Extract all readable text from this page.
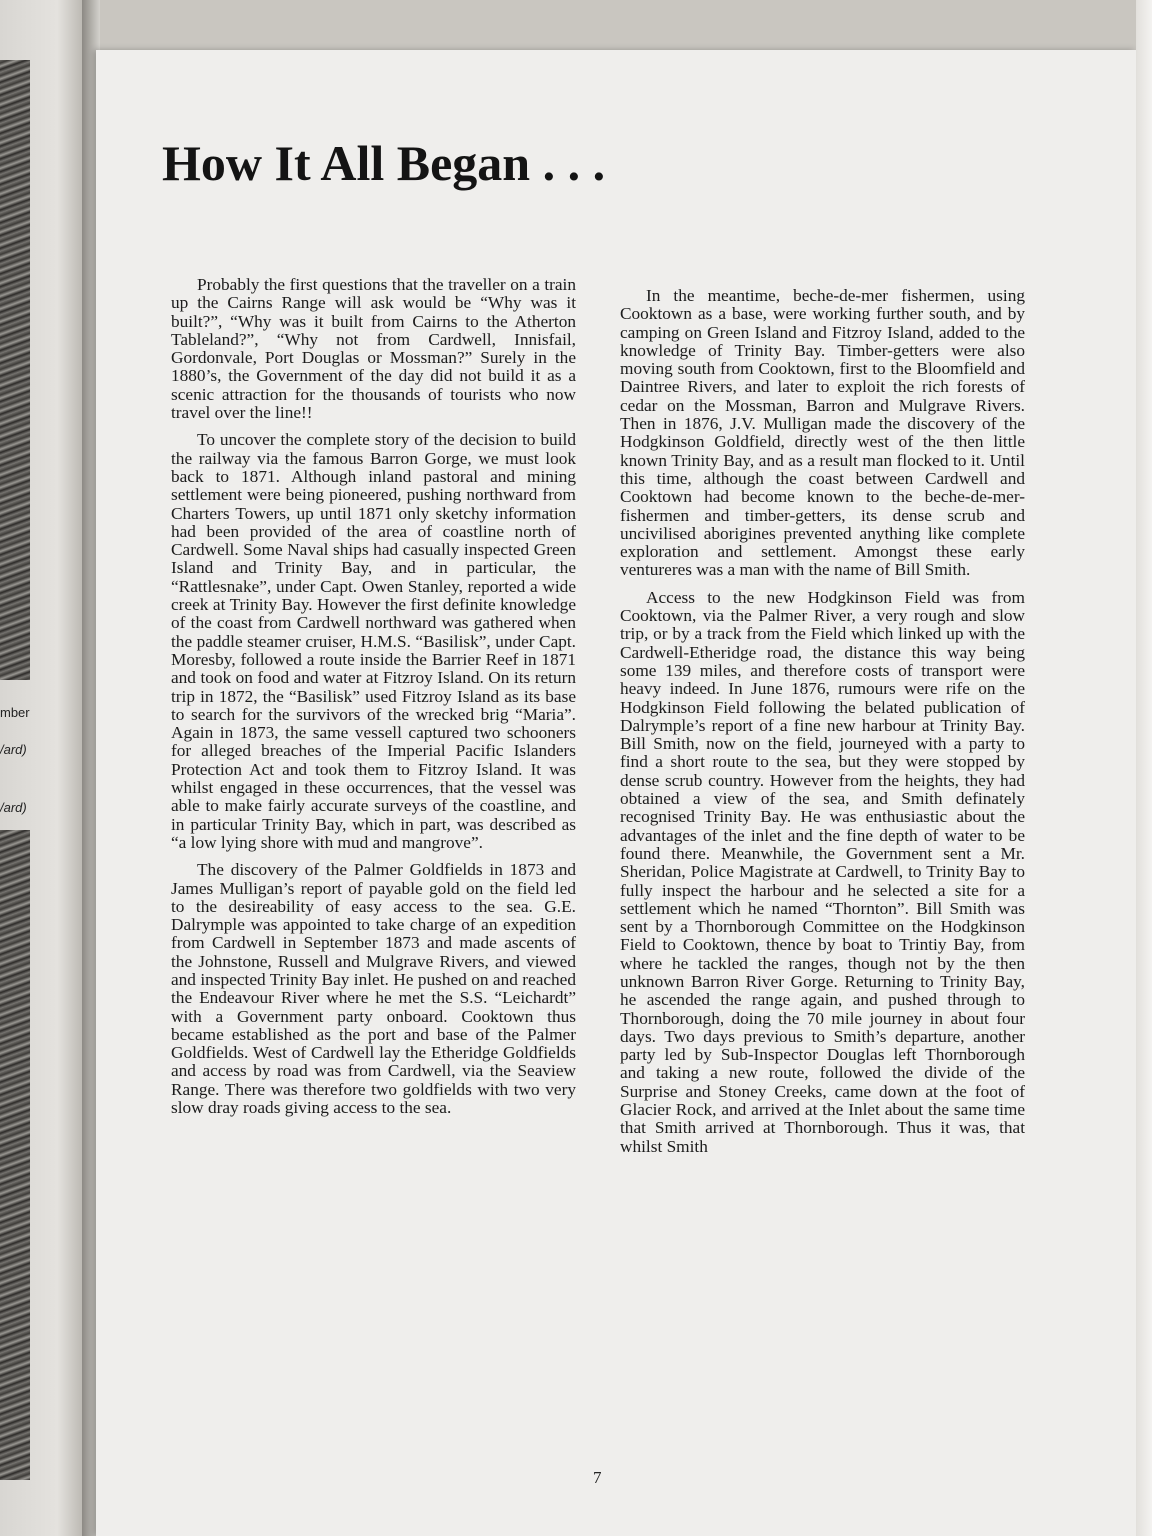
mber
/ard)
/ard)
How It All Began . . .

Probably the first questions that the traveller on a train up the Cairns Range will ask would be “Why was it built?”, “Why was it built from Cairns to the Atherton Tableland?”, “Why not from Cardwell, Innisfail, Gordonvale, Port Douglas or Mossman?” Surely in the 1880’s, the Government of the day did not build it as a scenic attraction for the thousands of tourists who now travel over the line!!

To uncover the complete story of the decision to build the railway via the famous Barron Gorge, we must look back to 1871. Although inland pastoral and mining settlement were being pioneered, pushing northward from Charters Towers, up until 1871 only sketchy information had been provided of the area of coastline north of Cardwell. Some Naval ships had casually inspected Green Island and Trinity Bay, and in particular, the “Rattlesnake”, under Capt. Owen Stanley, reported a wide creek at Trinity Bay. However the first definite knowledge of the coast from Cardwell northward was gathered when the paddle steamer cruiser, H.M.S. “Basilisk”, under Capt. Moresby, followed a route inside the Barrier Reef in 1871 and took on food and water at Fitzroy Island. On its return trip in 1872, the “Basilisk” used Fitzroy Island as its base to search for the survivors of the wrecked brig “Maria”. Again in 1873, the same vessell captured two schooners for alleged breaches of the Imperial Pacific Islanders Protection Act and took them to Fitzroy Island. It was whilst engaged in these occurrences, that the vessel was able to make fairly accurate surveys of the coastline, and in particular Trinity Bay, which in part, was described as “a low lying shore with mud and mangrove”.

The discovery of the Palmer Goldfields in 1873 and James Mulligan’s report of payable gold on the field led to the desireability of easy access to the sea. G.E. Dalrymple was appointed to take charge of an expedition from Cardwell in September 1873 and made ascents of the Johnstone, Russell and Mulgrave Rivers, and viewed and inspected Trinity Bay inlet. He pushed on and reached the Endeavour River where he met the S.S. “Leichardt” with a Government party onboard. Cooktown thus became established as the port and base of the Palmer Goldfields. West of Cardwell lay the Etheridge Goldfields and access by road was from Cardwell, via the Seaview Range. There was therefore two goldfields with two very slow dray roads giving access to the sea.

In the meantime, beche-de-mer fishermen, using Cooktown as a base, were working further south, and by camping on Green Island and Fitzroy Island, added to the knowledge of Trinity Bay. Timber-getters were also moving south from Cooktown, first to the Bloomfield and Daintree Rivers, and later to exploit the rich forests of cedar on the Mossman, Barron and Mulgrave Rivers. Then in 1876, J.V. Mulligan made the discovery of the Hodgkinson Goldfield, directly west of the then little known Trinity Bay, and as a result man flocked to it. Until this time, although the coast between Cardwell and Cooktown had become known to the beche-de-mer-fishermen and timber-getters, its dense scrub and uncivilised aborigines prevented anything like complete exploration and settlement. Amongst these early ventureres was a man with the name of Bill Smith.

Access to the new Hodgkinson Field was from Cooktown, via the Palmer River, a very rough and slow trip, or by a track from the Field which linked up with the Cardwell-Etheridge road, the distance this way being some 139 miles, and therefore costs of transport were heavy indeed. In June 1876, rumours were rife on the Hodgkinson Field following the belated publication of Dalrymple’s report of a fine new harbour at Trinity Bay. Bill Smith, now on the field, journeyed with a party to find a short route to the sea, but they were stopped by dense scrub country. However from the heights, they had obtained a view of the sea, and Smith definately recognised Trinity Bay. He was enthusiastic about the advantages of the inlet and the fine depth of water to be found there. Meanwhile, the Government sent a Mr. Sheridan, Police Magistrate at Cardwell, to Trinity Bay to fully inspect the harbour and he selected a site for a settlement which he named “Thornton”. Bill Smith was sent by a Thornborough Committee on the Hodgkinson Field to Cooktown, thence by boat to Trintiy Bay, from where he tackled the ranges, though not by the then unknown Barron River Gorge. Returning to Trinity Bay, he ascended the range again, and pushed through to Thornborough, doing the 70 mile journey in about four days. Two days previous to Smith’s departure, another party led by Sub-Inspector Douglas left Thornborough and taking a new route, followed the divide of the Surprise and Stoney Creeks, came down at the foot of Glacier Rock, and arrived at the Inlet about the same time that Smith arrived at Thornborough. Thus it was, that whilst Smith

7
